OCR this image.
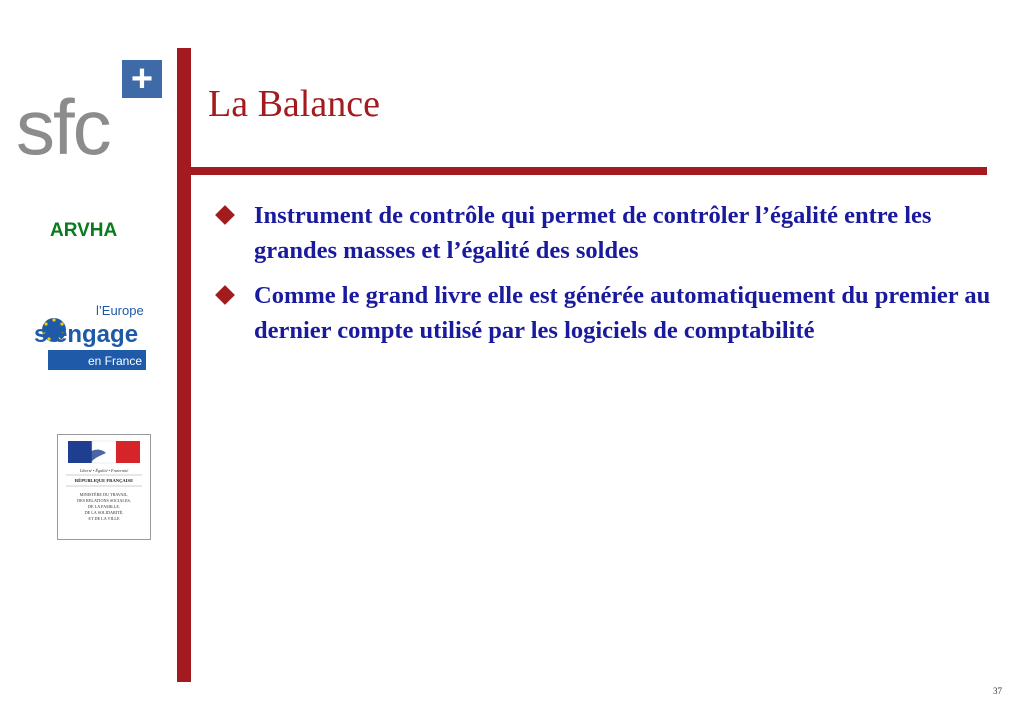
+
sfc
ARVHA
l’Europe
s’engage
en France
Liberté • Égalité • Fraternité
RÉPUBLIQUE FRANÇAISE
MINISTÈRE DU TRAVAIL,
DES RELATIONS SOCIALES,
DE LA FAMILLE,
DE LA SOLIDARITÉ,
ET DE LA VILLE
La Balance
Instrument de contrôle qui permet de contrôler l’égalité entre les grandes masses et l’égalité des soldes
Comme le grand livre elle est générée automatiquement du premier au dernier compte utilisé par les logiciels de comptabilité
37
